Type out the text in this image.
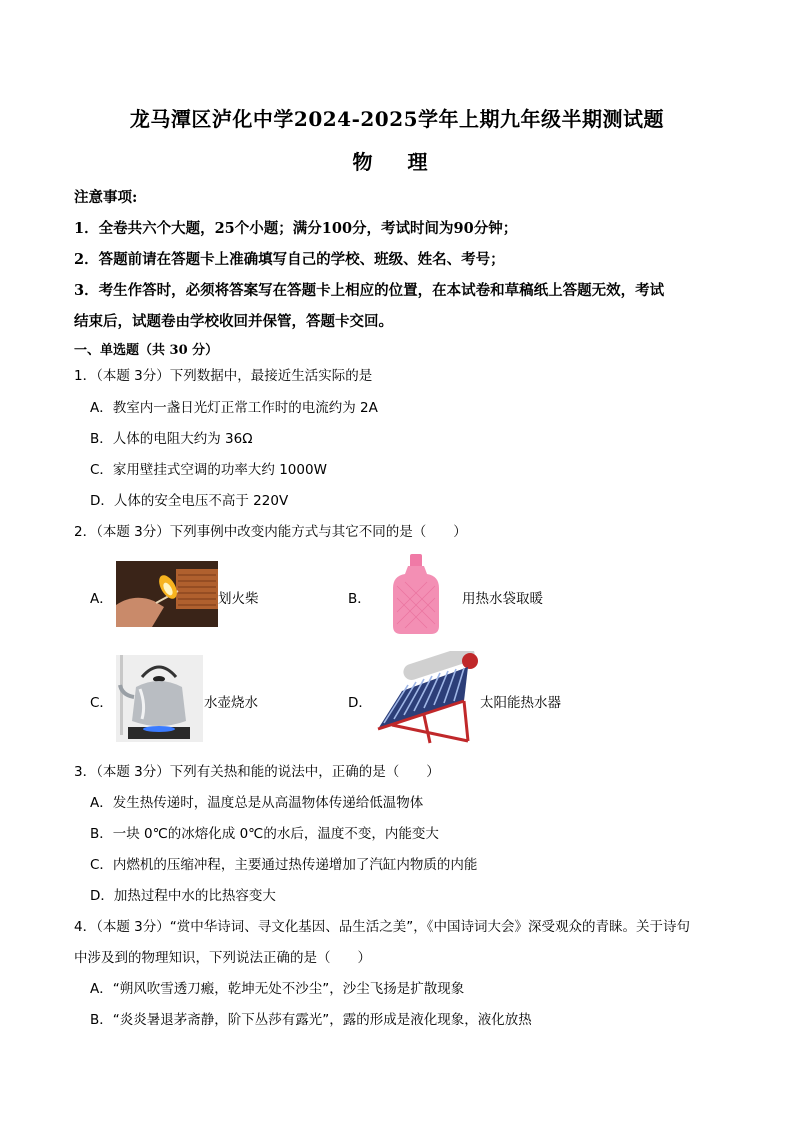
龙马潭区泸化中学2024-2025学年上期九年级半期测试题
物 理
注意事项:
1．全卷共六个大题，25个小题；满分100分，考试时间为90分钟；
2．答题前请在答题卡上准确填写自己的学校、班级、姓名、考号；
3．考生作答时，必须将答案写在答题卡上相应的位置，在本试卷和草稿纸上答题无效，考试
结束后，试题卷由学校收回并保管，答题卡交回。
一、单选题（共 30 分）
1．（本题 3分）下列数据中，最接近生活实际的是
A．教室内一盏日光灯正常工作时的电流约为 2A
B．人体的电阻大约为 36Ω
C．家用壁挂式空调的功率大约 1000W
D．人体的安全电压不高于 220V
2．（本题 3分）下列事例中改变内能方式与其它不同的是（　　）
A．	划火柴	B．	用热水袋取暖
C．	水壶烧水	D．	太阳能热水器
3．（本题 3分）下列有关热和能的说法中，正确的是（　　）
A．发生热传递时，温度总是从高温物体传递给低温物体
B．一块 0℃的冰熔化成 0℃的水后，温度不变，内能变大
C．内燃机的压缩冲程，主要通过热传递增加了汽缸内物质的内能
D．加热过程中水的比热容变大
4．（本题 3分）“赏中华诗词、寻文化基因、品生活之美”，《中国诗词大会》深受观众的青睐。关于诗句
中涉及到的物理知识，下列说法正确的是（　　）
A．“朔风吹雪透刀瘢，乾坤无处不沙尘”，沙尘飞扬是扩散现象
B．“炎炎暑退茅斋静，阶下丛莎有露光”，露的形成是液化现象，液化放热
